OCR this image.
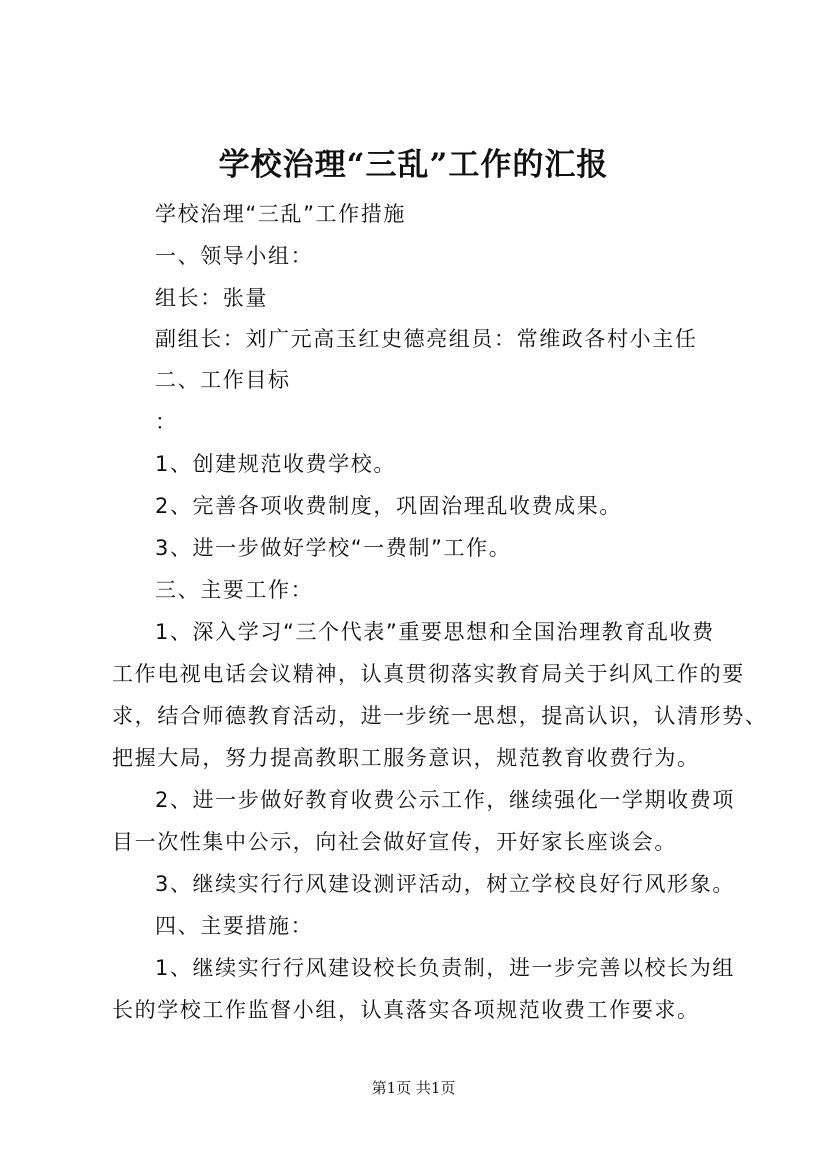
学校治理“三乱”工作的汇报
学校治理“三乱”工作措施
一、领导小组：
组长：张量
副组长：刘广元高玉红史德亮组员：常维政各村小主任
二、工作目标
：
1、创建规范收费学校。
2、完善各项收费制度，巩固治理乱收费成果。
3、进一步做好学校“一费制”工作。
三、主要工作：
1、深入学习“三个代表”重要思想和全国治理教育乱收费
工作电视电话会议精神，认真贯彻落实教育局关于纠风工作的要
求，结合师德教育活动，进一步统一思想，提高认识，认清形势、
把握大局，努力提高教职工服务意识，规范教育收费行为。
2、进一步做好教育收费公示工作，继续强化一学期收费项
目一次性集中公示，向社会做好宣传，开好家长座谈会。
3、继续实行行风建设测评活动，树立学校良好行风形象。
四、主要措施：
1、继续实行行风建设校长负责制，进一步完善以校长为组
长的学校工作监督小组，认真落实各项规范收费工作要求。
第1页 共1页
